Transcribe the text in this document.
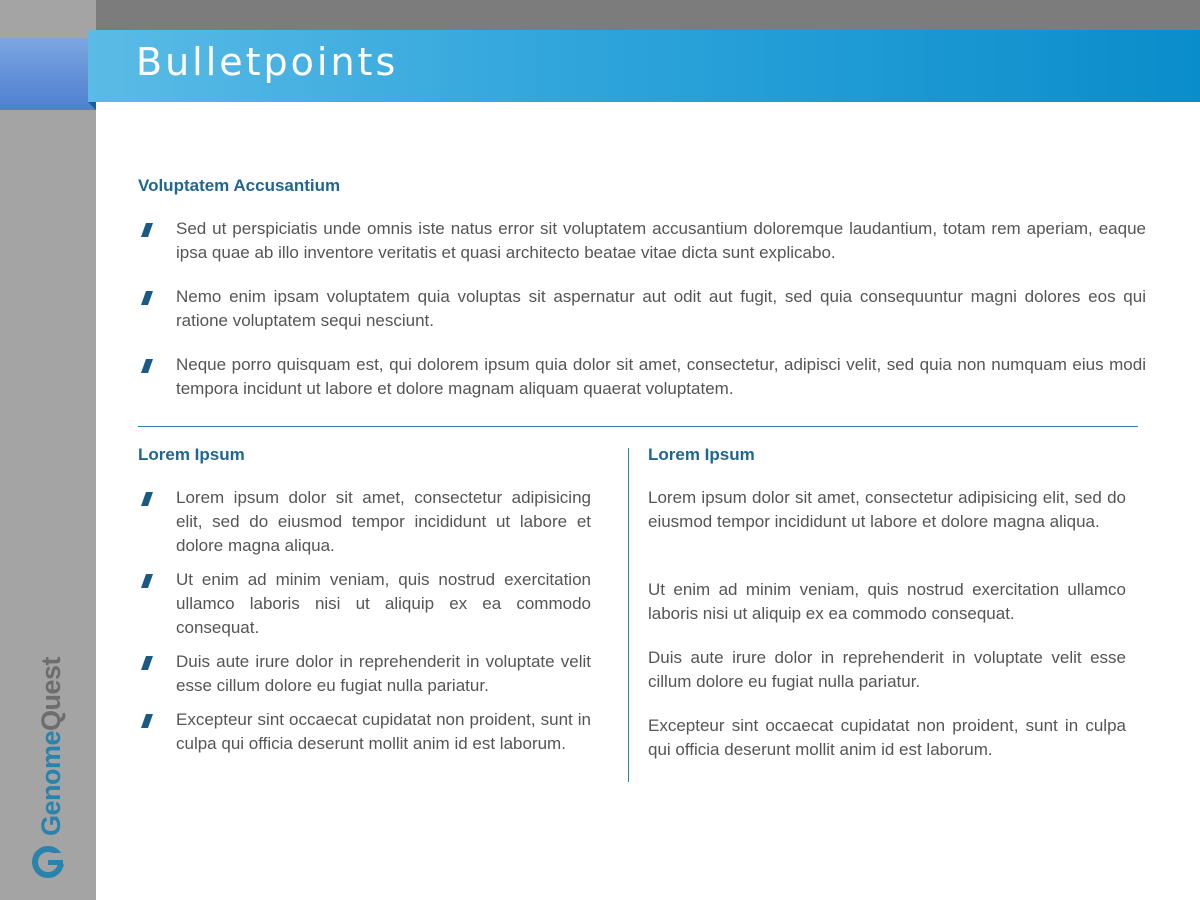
Bulletpoints
Voluptatem Accusantium
Sed ut perspiciatis unde omnis iste natus error sit voluptatem accusantium doloremque laudantium, totam rem aperiam, eaque ipsa quae ab illo inventore veritatis et quasi architecto beatae vitae dicta sunt explicabo.
Nemo enim ipsam voluptatem quia voluptas sit aspernatur aut odit aut fugit, sed quia consequuntur magni dolores eos qui ratione voluptatem sequi nesciunt.
Neque porro quisquam est, qui dolorem ipsum quia dolor sit amet, consectetur, adipisci velit, sed quia non numquam eius modi tempora incidunt ut labore et dolore magnam aliquam quaerat voluptatem.
Lorem Ipsum
Lorem ipsum dolor sit amet, consectetur adipisicing elit, sed do eiusmod tempor incididunt ut labore et dolore magna aliqua.
Ut enim ad minim veniam, quis nostrud exercitation ullamco laboris nisi ut aliquip ex ea commodo consequat.
Duis aute irure dolor in reprehenderit in voluptate velit esse cillum dolore eu fugiat nulla pariatur.
Excepteur sint occaecat cupidatat non proident, sunt in culpa qui officia deserunt mollit anim id est laborum.
Lorem Ipsum

Lorem ipsum dolor sit amet, consectetur adipisicing elit, sed do eiusmod tempor incididunt ut labore et dolore magna aliqua.

Ut enim ad minim veniam, quis nostrud exercitation ullamco laboris nisi ut aliquip ex ea commodo consequat.

Duis aute irure dolor in reprehenderit in voluptate velit esse cillum dolore eu fugiat nulla pariatur.

Excepteur sint occaecat cupidatat non proident, sunt in culpa qui officia deserunt mollit anim id est laborum.

GenomeQuest
